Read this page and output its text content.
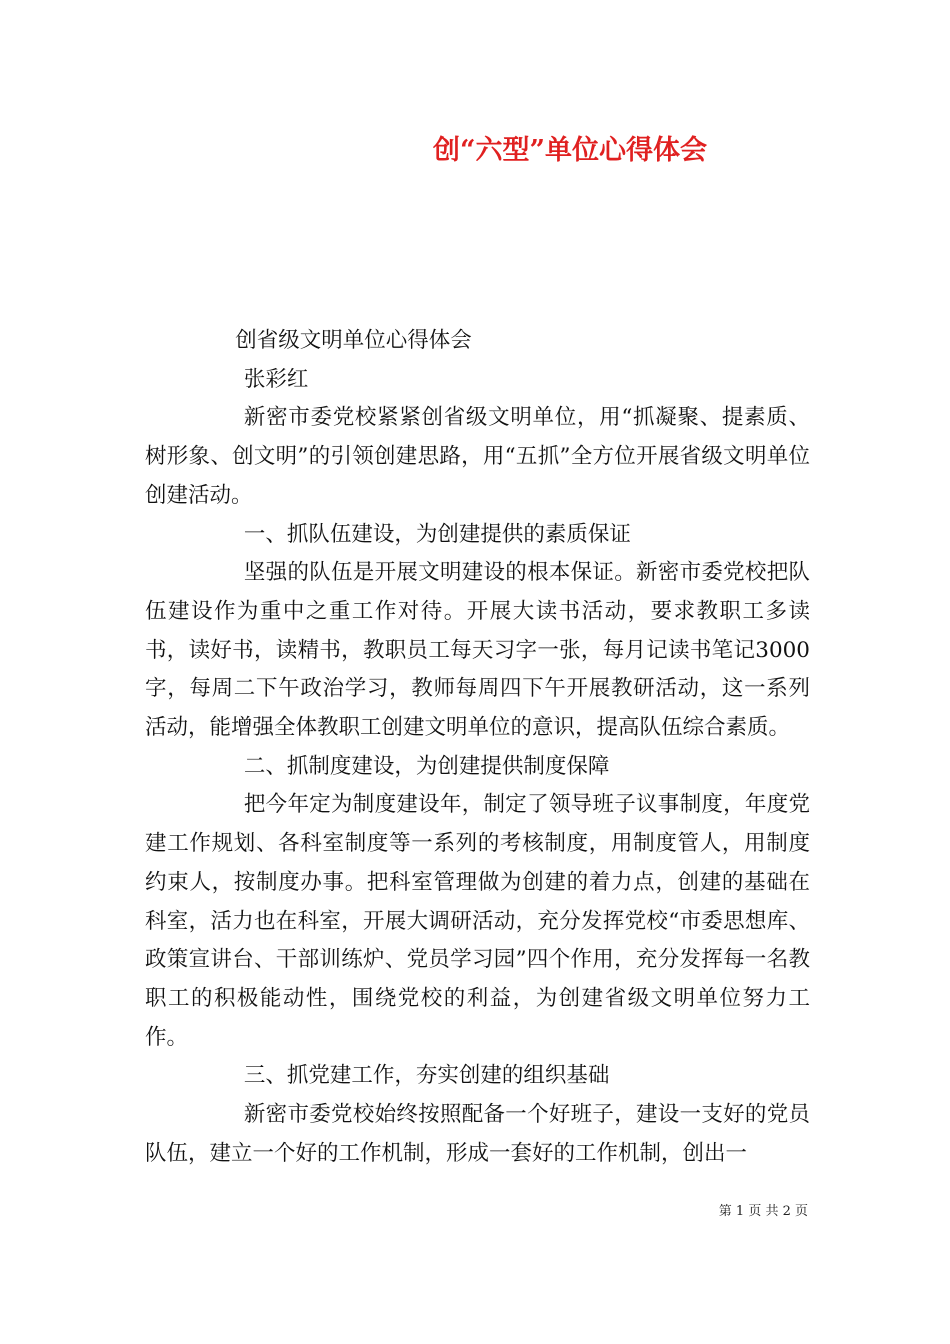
创“六型”单位心得体会

创省级文明单位心得体会

张彩红

新密市委党校紧紧创省级文明单位，用“抓凝聚、提素质、树形象、创文明”的引领创建思路，用“五抓”全方位开展省级文明单位创建活动。

一、抓队伍建设，为创建提供的素质保证

坚强的队伍是开展文明建设的根本保证。新密市委党校把队伍建设作为重中之重工作对待。开展大读书活动，要求教职工多读书，读好书，读精书，教职员工每天习字一张，每月记读书笔记3000字，每周二下午政治学习，教师每周四下午开展教研活动，这一系列活动，能增强全体教职工创建文明单位的意识，提高队伍综合素质。

二、抓制度建设，为创建提供制度保障

把今年定为制度建设年，制定了领导班子议事制度，年度党建工作规划、各科室制度等一系列的考核制度，用制度管人，用制度约束人，按制度办事。把科室管理做为创建的着力点，创建的基础在科室，活力也在科室，开展大调研活动，充分发挥党校“市委思想库、政策宣讲台、干部训练炉、党员学习园”四个作用，充分发挥每一名教职工的积极能动性，围绕党校的利益，为创建省级文明单位努力工作。

三、抓党建工作，夯实创建的组织基础

新密市委党校始终按照配备一个好班子，建设一支好的党员队伍，建立一个好的工作机制，形成一套好的工作机制，创出一

第 1 页 共 2 页
